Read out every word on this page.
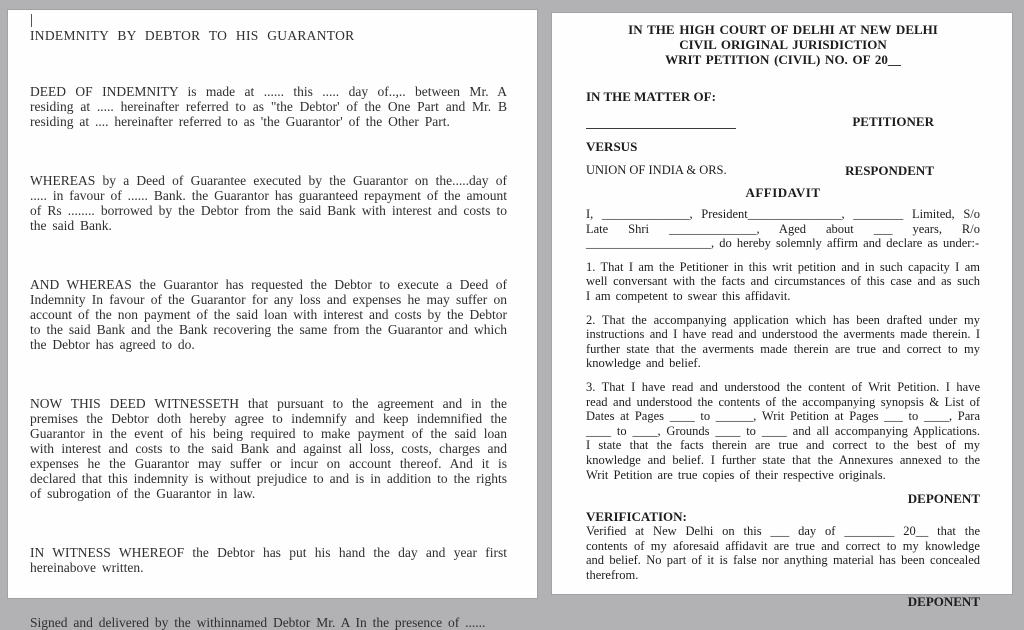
|
INDEMNITY BY DEBTOR TO HIS GUARANTOR

DEED OF INDEMNITY is made at ...... this ..... day of..,.. between Mr. A residing at ..... hereinafter referred to as "the Debtor' of the One Part and Mr. B residing at .... hereinafter referred to as 'the Guarantor' of the Other Part.

WHEREAS by a Deed of Guarantee executed by the Guarantor on the.....day of ..... in favour of ...... Bank. the Guarantor has guaranteed repayment of the amount of Rs ........ borrowed by the Debtor from the said Bank with interest and costs to the said Bank.

AND WHEREAS the Guarantor has requested the Debtor to execute a Deed of Indemnity In favour of the Guarantor for any loss and expenses he may suffer on account of the non payment of the said loan with interest and costs by the Debtor to the said Bank and the Bank recovering the same from the Guarantor and which the Debtor has agreed to do.

NOW THIS DEED WITNESSETH that pursuant to the agreement and in the premises the Debtor doth hereby agree to indemnify and keep indemnified the Guarantor in the event of his being required to make payment of the said loan with interest and costs to the said Bank and against all loss, costs, charges and expenses he the Guarantor may suffer or incur on account thereof. And it is declared that this indemnity is without prejudice to and is in addition to the rights of subrogation of the Guarantor in law.

IN WITNESS WHEREOF the Debtor has put his hand the day and year first hereinabove written.

Signed and delivered by the withinnamed Debtor Mr. A In the presence of ......

IN THE HIGH COURT OF DELHI AT NEW DELHI
CIVIL ORIGINAL JURISDICTION
WRIT PETITION (CIVIL) NO. OF 20__
IN THE MATTER OF:
PETITIONER
VERSUS
UNION OF INDIA & ORS.	RESPONDENT
AFFIDAVIT

I, ______________, President_______________, ________ Limited, S/o Late Shri ______________, Aged about ___ years, R/o ____________________, do hereby solemnly affirm and declare as under:-

1. That I am the Petitioner in this writ petition and in such capacity I am well conversant with the facts and circumstances of this case and as such I am competent to swear this affidavit.

2. That the accompanying application which has been drafted under my instructions and I have read and understood the averments made therein. I further state that the averments made therein are true and correct to my knowledge and belief.

3. That I have read and understood the content of Writ Petition. I have read and understood the contents of the accompanying synopsis & List of Dates at Pages ____ to ______, Writ Petition at Pages ___ to ____, Para ____ to ____, Grounds ____ to ____ and all accompanying Applications. I state that the facts therein are true and correct to the best of my knowledge and belief. I further state that the Annexures annexed to the Writ Petition are true copies of their respective originals.

DEPONENT
VERIFICATION:

Verified at New Delhi on this ___ day of ________ 20__ that the contents of my aforesaid affidavit are true and correct to my knowledge and belief. No part of it is false nor anything material has been concealed therefrom.

DEPONENT
